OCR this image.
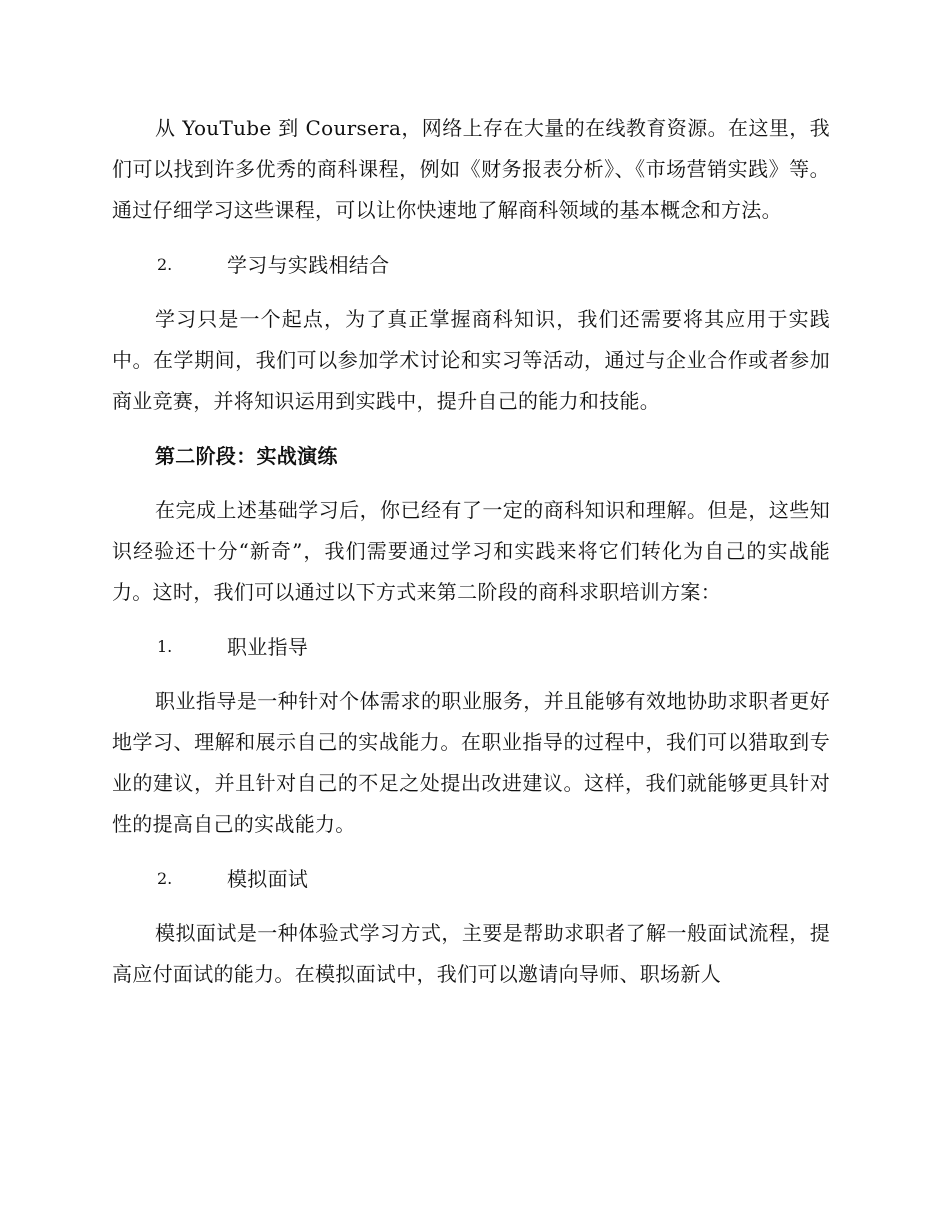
从 YouTube 到 Coursera，网络上存在大量的在线教育资源。在这里，我们可以找到许多优秀的商科课程，例如《财务报表分析》、《市场营销实践》等。通过仔细学习这些课程，可以让你快速地了解商科领域的基本概念和方法。

2.	学习与实践相结合

学习只是一个起点，为了真正掌握商科知识，我们还需要将其应用于实践中。在学期间，我们可以参加学术讨论和实习等活动，通过与企业合作或者参加商业竞赛，并将知识运用到实践中，提升自己的能力和技能。

第二阶段：实战演练

在完成上述基础学习后，你已经有了一定的商科知识和理解。但是，这些知识经验还十分“新奇”，我们需要通过学习和实践来将它们转化为自己的实战能力。这时，我们可以通过以下方式来第二阶段的商科求职培训方案：

1.	职业指导

职业指导是一种针对个体需求的职业服务，并且能够有效地协助求职者更好地学习、理解和展示自己的实战能力。在职业指导的过程中，我们可以猎取到专业的建议，并且针对自己的不足之处提出改进建议。这样，我们就能够更具针对性的提高自己的实战能力。

2.	模拟面试

模拟面试是一种体验式学习方式，主要是帮助求职者了解一般面试流程，提高应付面试的能力。在模拟面试中，我们可以邀请向导师、职场新人
